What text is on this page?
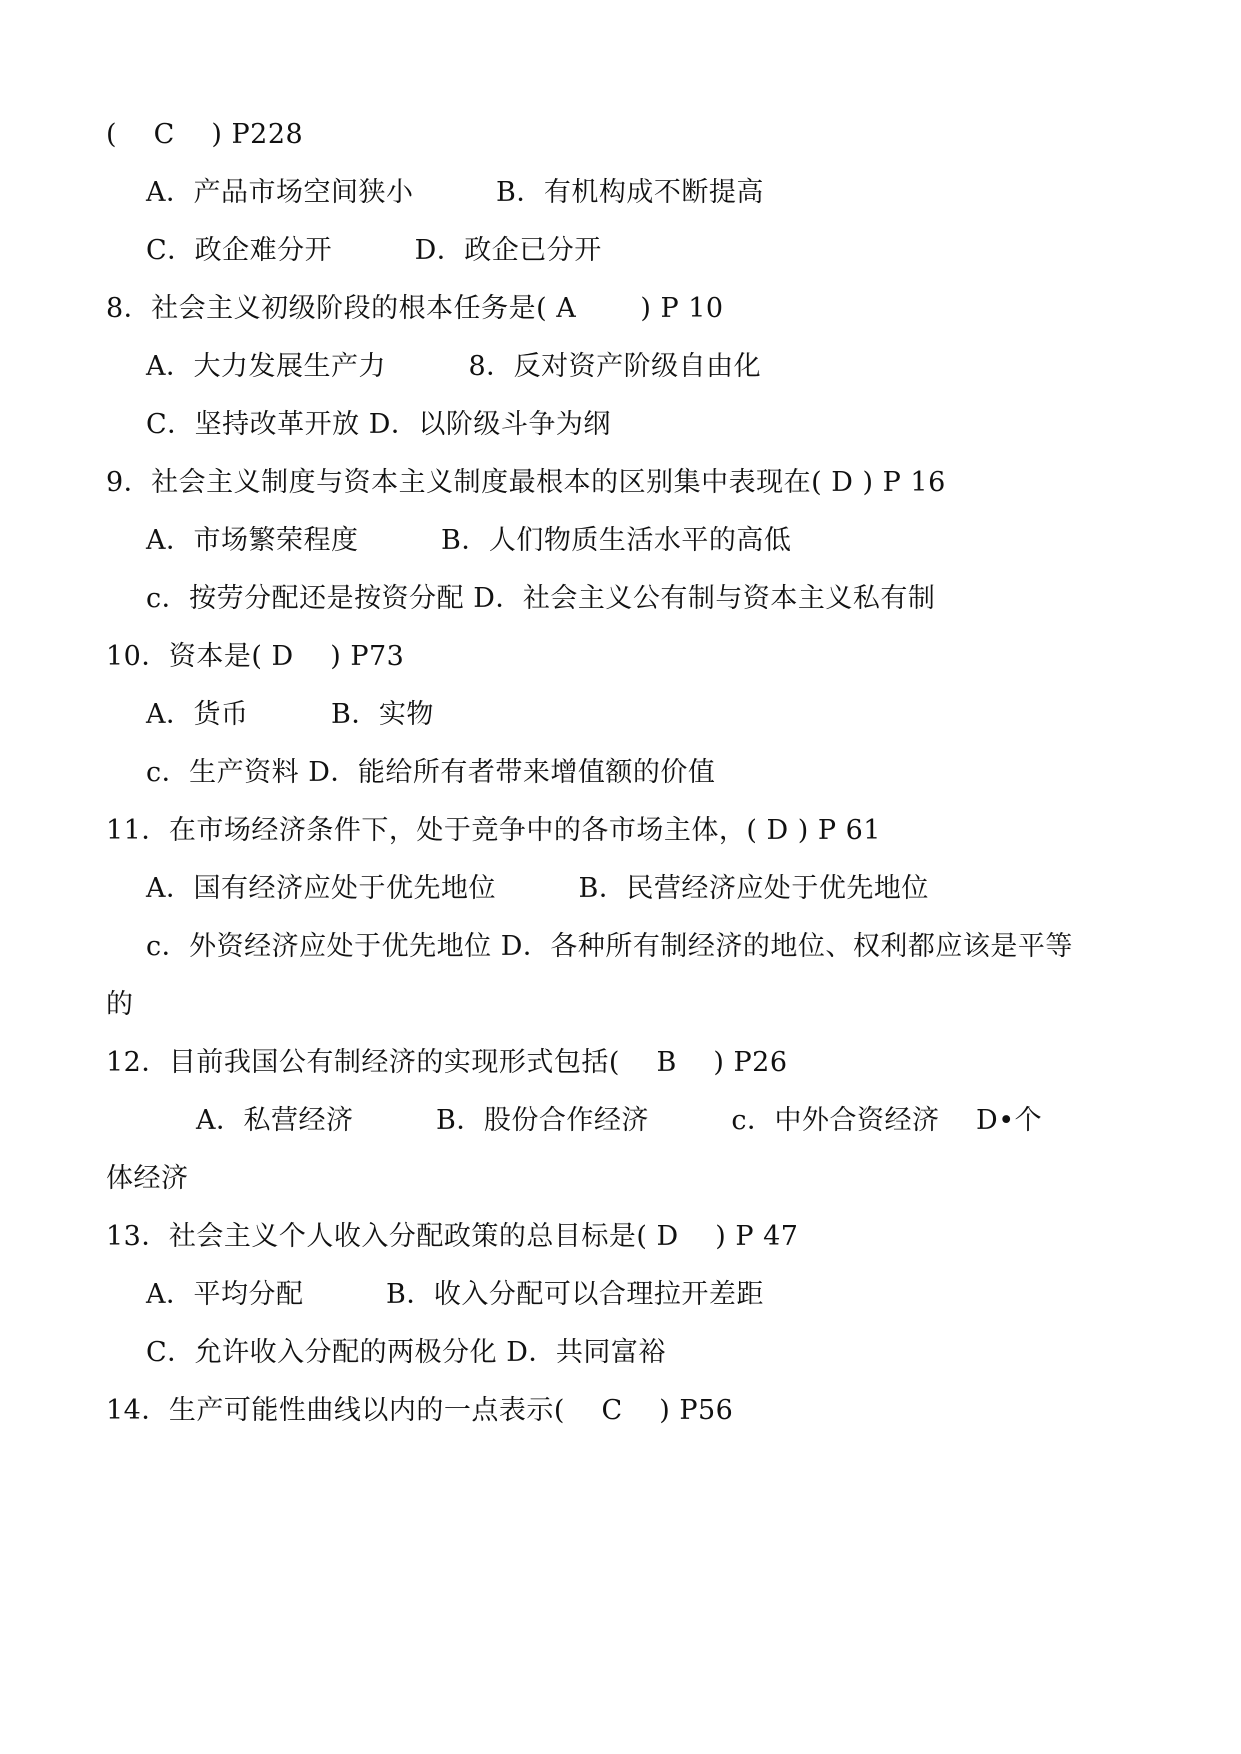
(　 C　 ) P228
A．产品市场空间狭小　　　B．有机构成不断提高
C．政企难分开　　　D．政企已分开
8．社会主义初级阶段的根本任务是( A　　 ) P 10
A．大力发展生产力　　　8．反对资产阶级自由化
C．坚持改革开放 D．以阶级斗争为纲
9．社会主义制度与资本主义制度最根本的区别集中表现在( D ) P 16
A．市场繁荣程度　　　B．人们物质生活水平的高低
c．按劳分配还是按资分配 D．社会主义公有制与资本主义私有制
10．资本是( D　 ) P73
A．货币　　　B．实物
c．生产资料 D．能给所有者带来增值额的价值
11．在市场经济条件下，处于竞争中的各市场主体，( D ) P 61
A．国有经济应处于优先地位　　　B．民营经济应处于优先地位
c．外资经济应处于优先地位 D．各种所有制经济的地位、权利都应该是平等
的
12．目前我国公有制经济的实现形式包括(　 B　 ) P26
A．私营经济　　　B．股份合作经济　　　c．中外合资经济　 D•个
体经济
13．社会主义个人收入分配政策的总目标是( D　 ) P 47
A．平均分配　　　B．收入分配可以合理拉开差距
C．允许收入分配的两极分化 D．共同富裕
14．生产可能性曲线以内的一点表示(　 C　 ) P56
